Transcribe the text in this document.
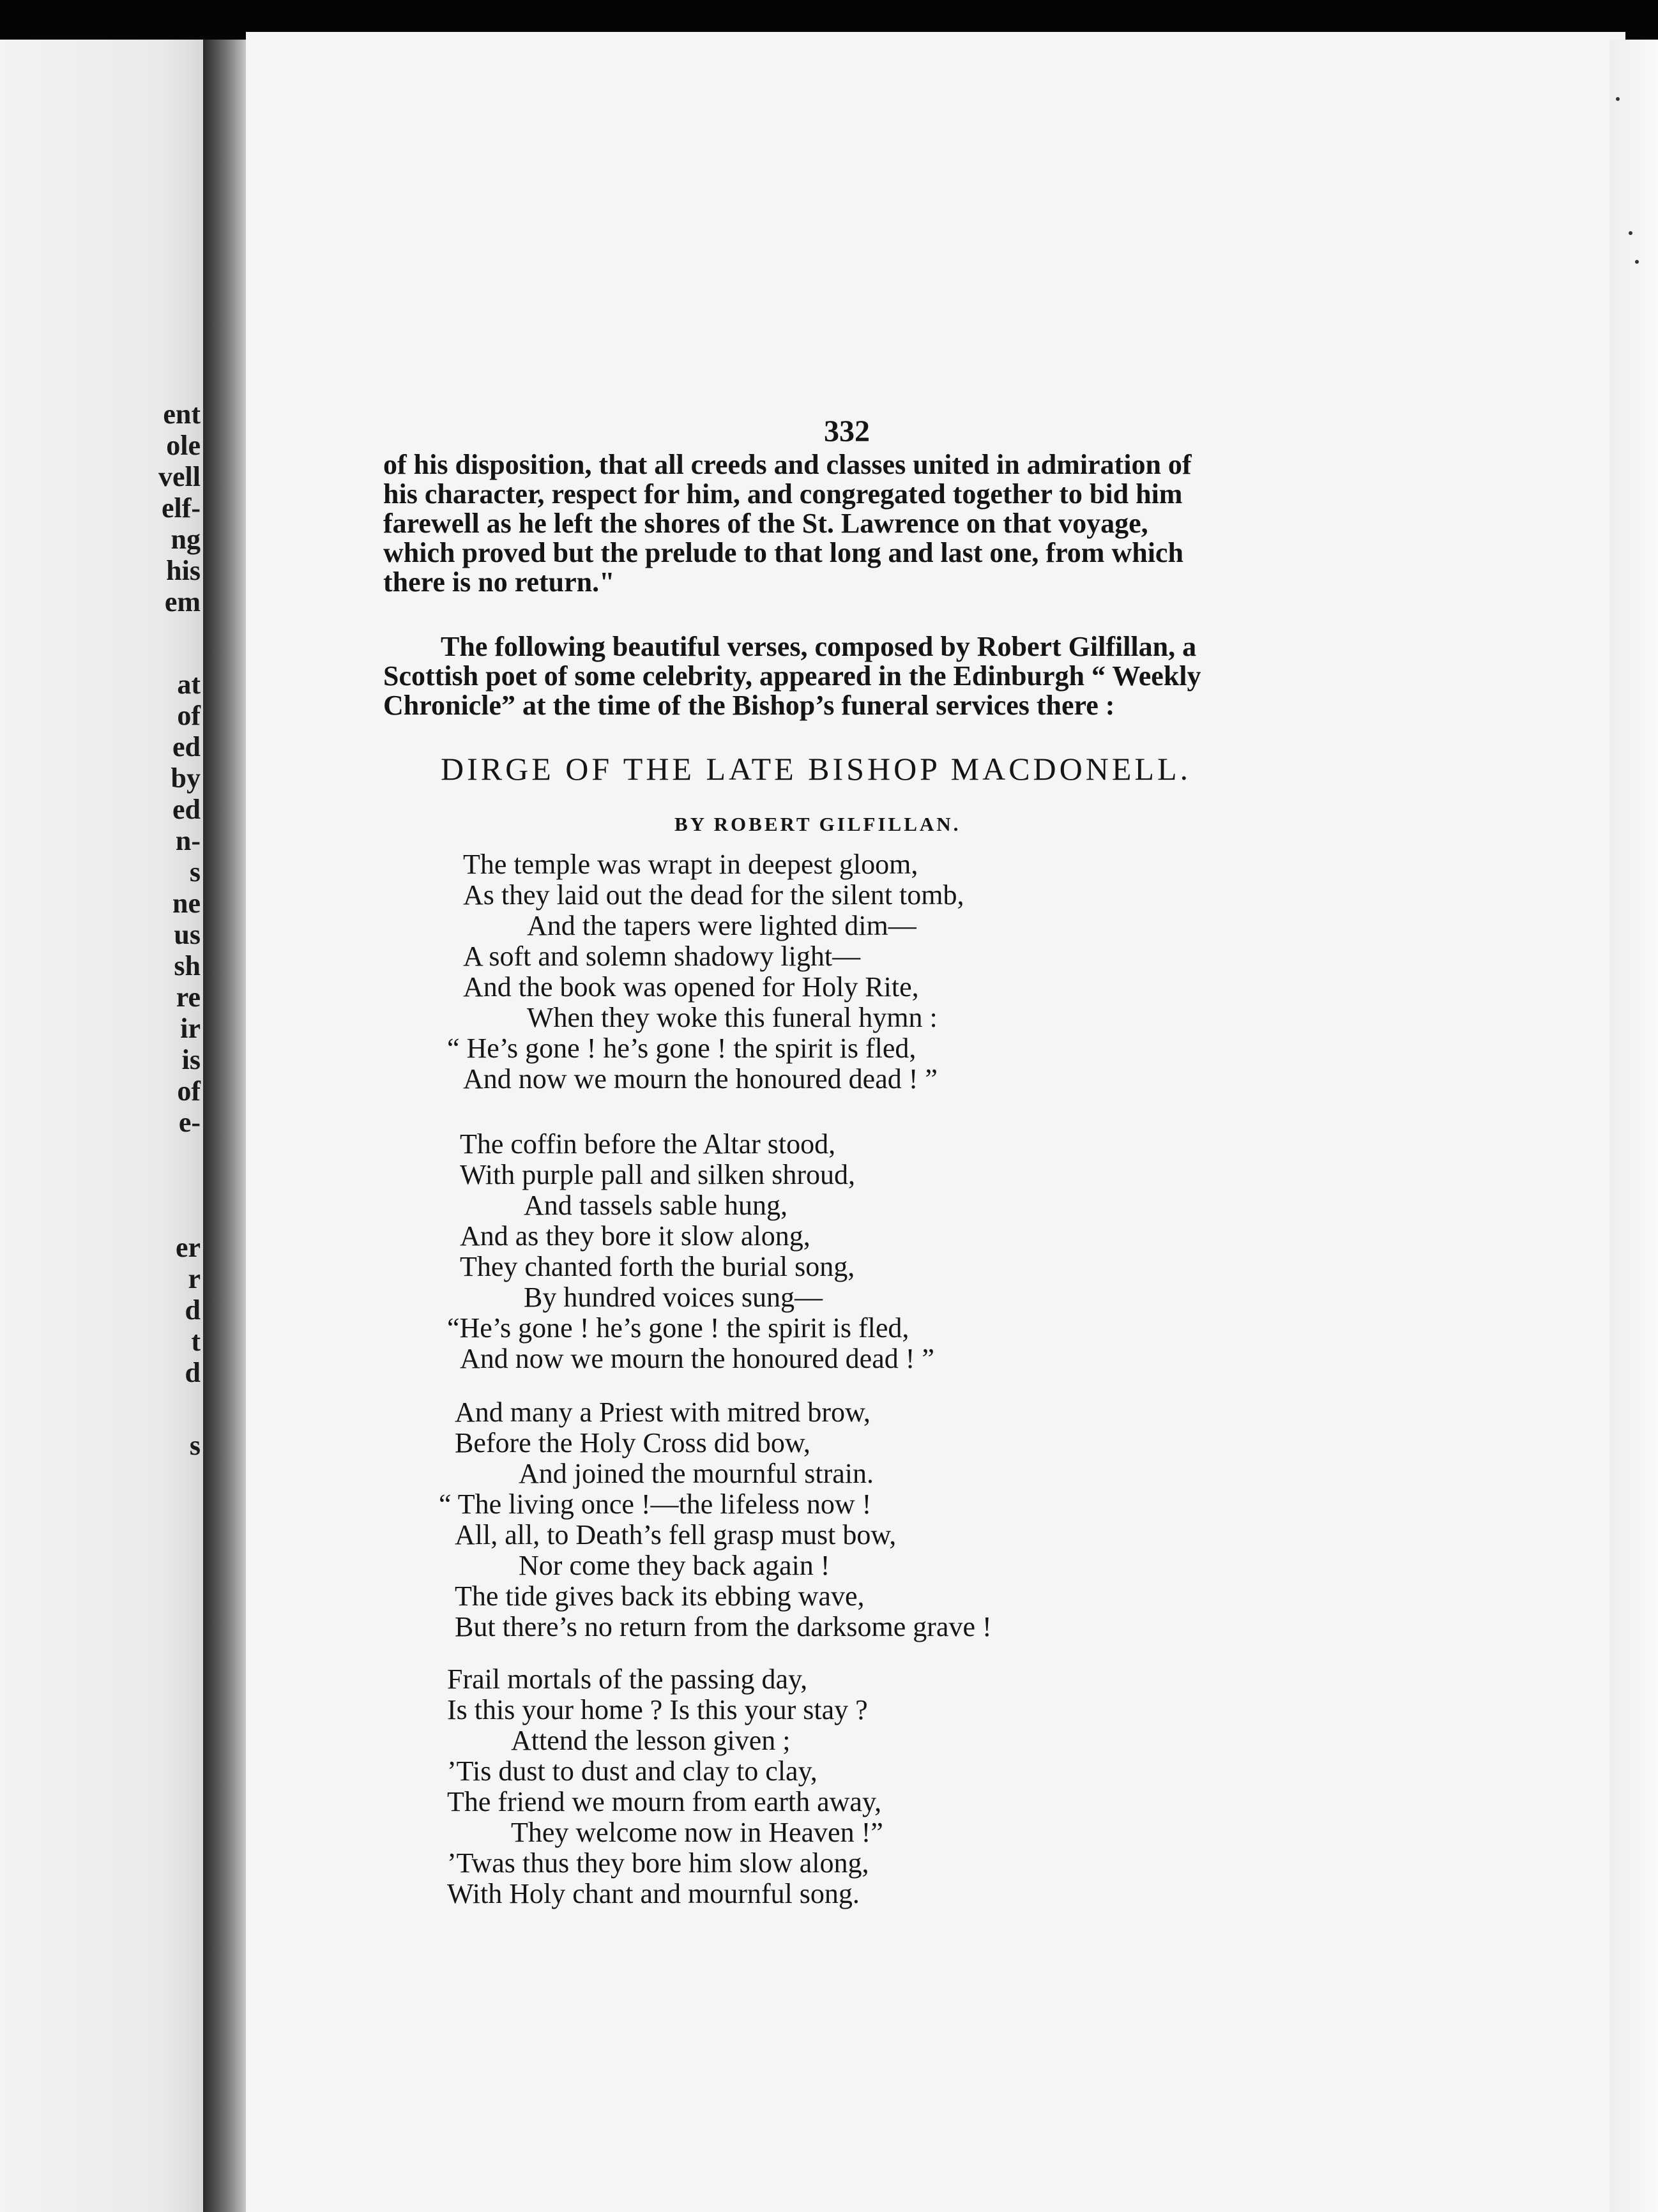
ent
ole
vell
elf-
ng
his
em
at
of
ed
by
ed
n-
s
ne
us
sh
re
ir
is
of
e-
er
r
d
t
d
s
332
of his disposition, that all creeds and classes united in admiration of
his character, respect for him, and congregated together to bid him
farewell as he left the shores of the St. Lawrence on that voyage,
which proved but the prelude to that long and last one, from which
there is no return."
The following beautiful verses, composed by Robert Gilfillan, a
Scottish poet of some celebrity, appeared in the Edinburgh “ Weekly
Chronicle” at the time of the Bishop’s funeral services there :
DIRGE OF THE LATE BISHOP MACDONELL.
BY ROBERT GILFILLAN.
The temple was wrapt in deepest gloom,
As they laid out the dead for the silent tomb,
And the tapers were lighted dim—
A soft and solemn shadowy light—
And the book was opened for Holy Rite,
When they woke this funeral hymn :
“ He’s gone ! he’s gone ! the spirit is fled,
And now we mourn the honoured dead ! ”
The coffin before the Altar stood,
With purple pall and silken shroud,
And tassels sable hung,
And as they bore it slow along,
They chanted forth the burial song,
By hundred voices sung—
“He’s gone ! he’s gone ! the spirit is fled,
And now we mourn the honoured dead ! ”
And many a Priest with mitred brow,
Before the Holy Cross did bow,
And joined the mournful strain.
“ The living once !—the lifeless now !
All, all, to Death’s fell grasp must bow,
Nor come they back again !
The tide gives back its ebbing wave,
But there’s no return from the darksome grave !
Frail mortals of the passing day,
Is this your home ? Is this your stay ?
Attend the lesson given ;
’Tis dust to dust and clay to clay,
The friend we mourn from earth away,
They welcome now in Heaven !”
’Twas thus they bore him slow along,
With Holy chant and mournful song.
